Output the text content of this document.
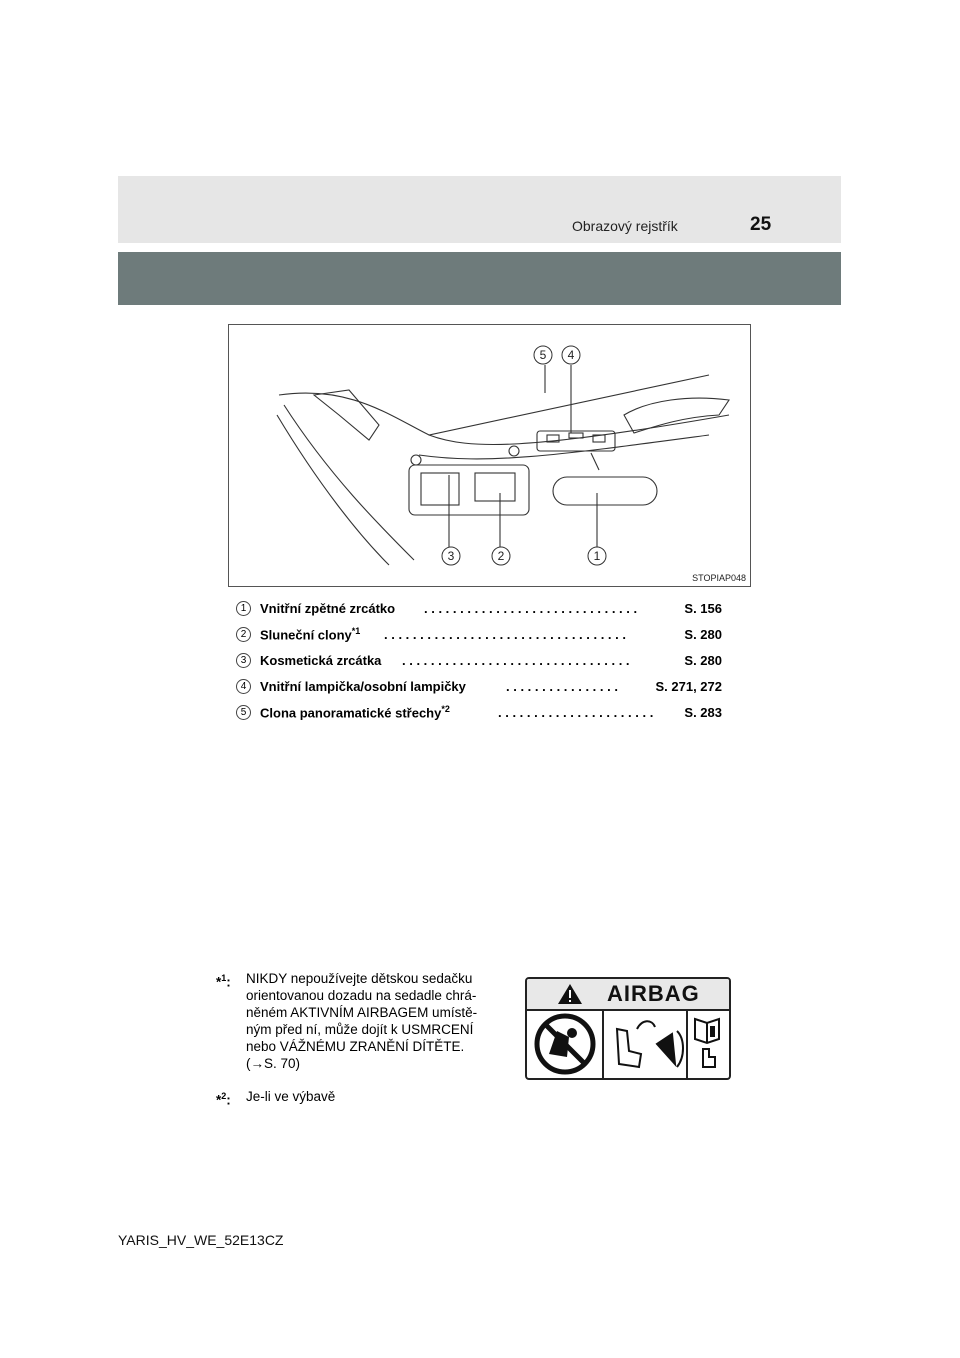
Obrazový rejstřík	25
5 4
3	2	1
STOPIAP048
1	Vnitřní zpětné zrcátko . . . . . . . . . . . . . . . . . . . . . . . . . . . . . .	S. 156
2	Sluneční clony$^{*1}$ . . . . . . . . . . . . . . . . . . . . . . . . . . . . . . . . . .	S. 280
3	Kosmetická zrcátka . . . . . . . . . . . . . . . . . . . . . . . . . . . . . . . .	S. 280
4	Vnitřní lampička/osobní lampičky	. . . . . . . . . . . . . . . .	S. 271, 272
5	Clona panoramatické střechy$^{*2}$	. . . . . . . . . . . . . . . . . . . . . .	S. 283
*$^1$: NIKDY nepoužívejte dětskou sedačku
orientovanou dozadu na sedadle chrá-
něném AKTIVNÍM AIRBAGEM umístě-
ným před ní, může dojít k USMRCENÍ
nebo VÁŽNÉMU ZRANĚNÍ DÍTĚTE.
(→S. 70)
*$^2$: Je-li ve výbavě
AIRBAG
YARIS_HV_WE_52E13CZ
